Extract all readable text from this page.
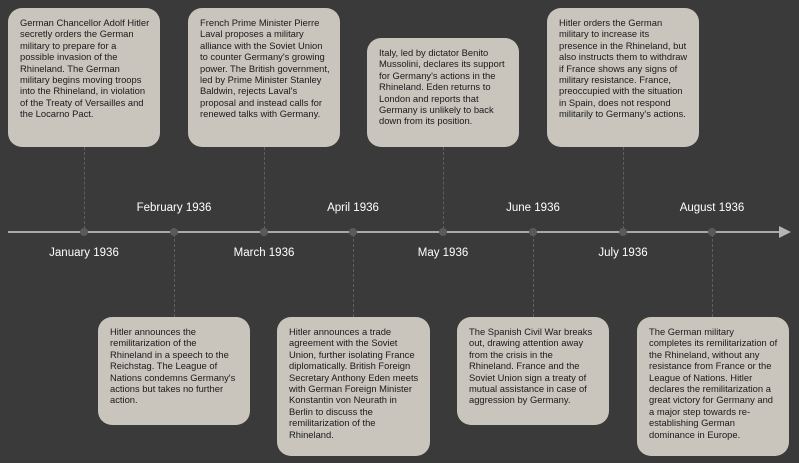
January 1936
February 1936
March 1936
April 1936
May 1936
June 1936
July 1936
August 1936
German Chancellor Adolf Hitler secretly orders the German military to prepare for a possible invasion of the Rhineland. The German military begins moving troops into the Rhineland, in violation of the Treaty of Versailles and the Locarno Pact.
French Prime Minister Pierre Laval proposes a military alliance with the Soviet Union to counter Germany's growing power. The British government, led by Prime Minister Stanley Baldwin, rejects Laval's proposal and instead calls for renewed talks with Germany.
Italy, led by dictator Benito Mussolini, declares its support for Germany's actions in the Rhineland. Eden returns to London and reports that Germany is unlikely to back down from its position.
Hitler orders the German military to increase its presence in the Rhineland, but also instructs them to withdraw if France shows any signs of military resistance. France, preoccupied with the situation in Spain, does not respond militarily to Germany's actions.
Hitler announces the remilitarization of the Rhineland in a speech to the Reichstag. The League of Nations condemns Germany's actions but takes no further action.
Hitler announces a trade agreement with the Soviet Union, further isolating France diplomatically. British Foreign Secretary Anthony Eden meets with German Foreign Minister Konstantin von Neurath in Berlin to discuss the remilitarization of the Rhineland.
The Spanish Civil War breaks out, drawing attention away from the crisis in the Rhineland. France and the Soviet Union sign a treaty of mutual assistance in case of aggression by Germany.
The German military completes its remilitarization of the Rhineland, without any resistance from France or the League of Nations. Hitler declares the remilitarization a great victory for Germany and a major step towards re-establishing German dominance in Europe.
